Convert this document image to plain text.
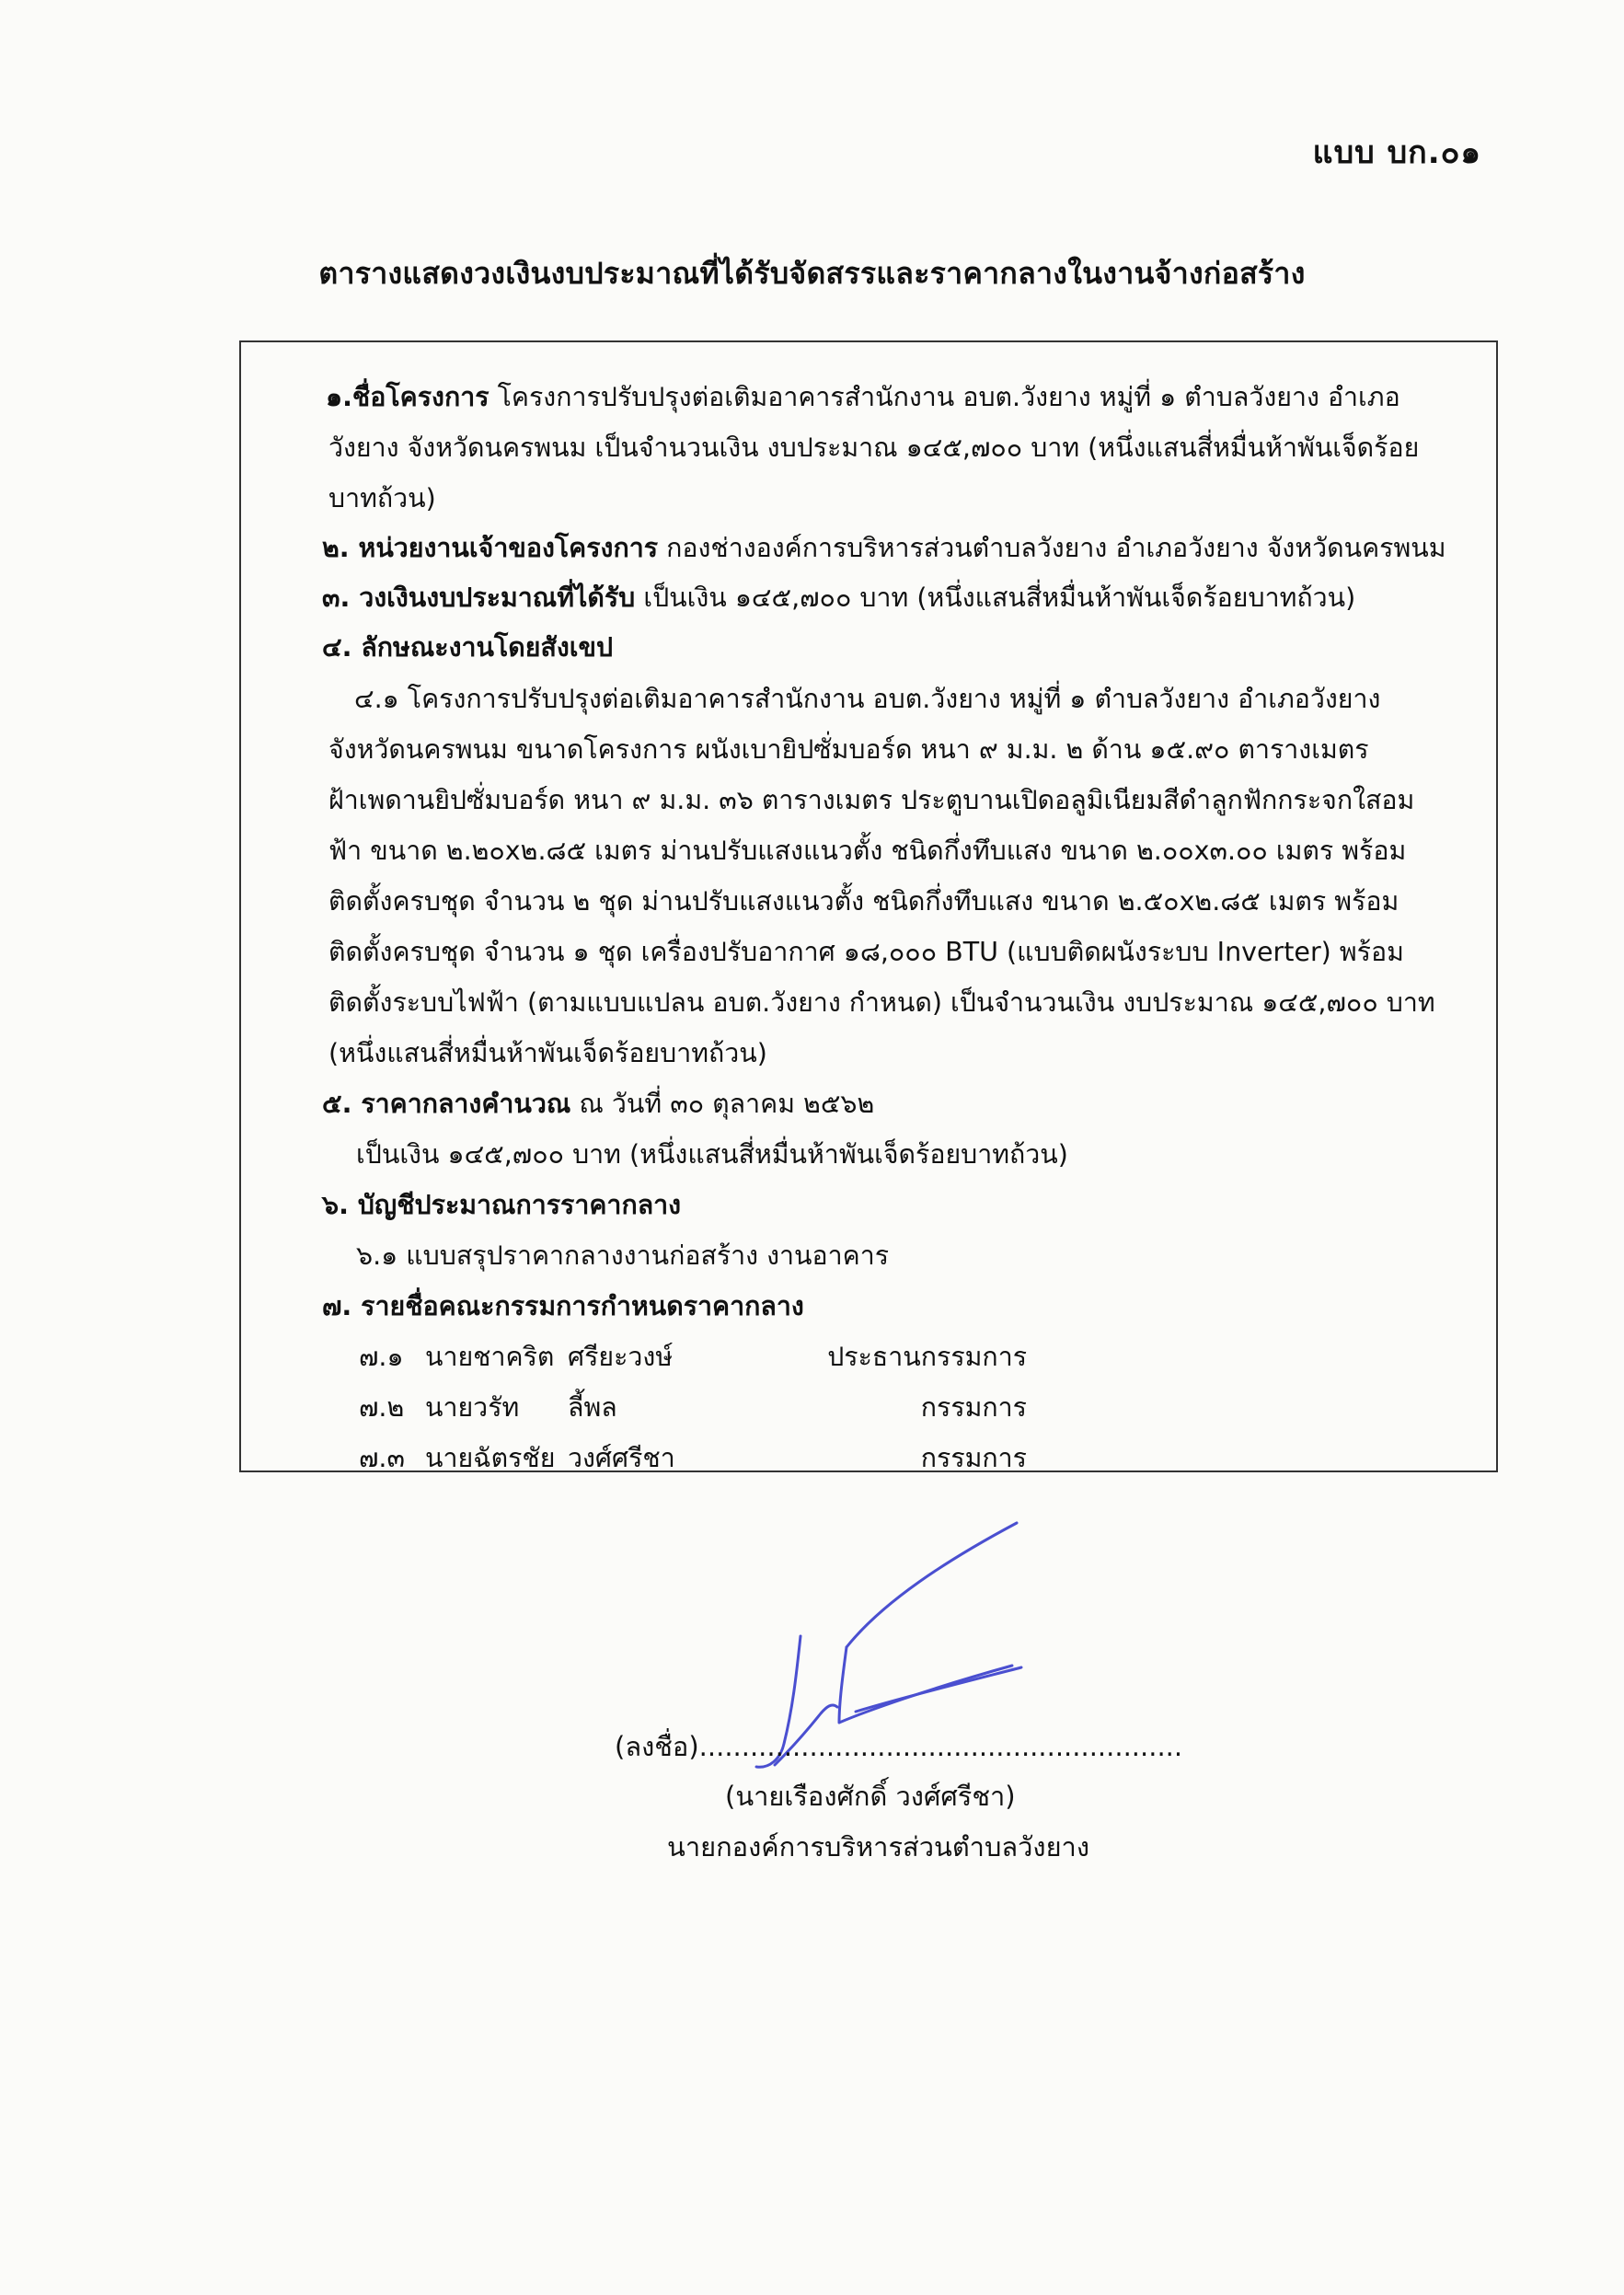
แบบ บก.๐๑
ตารางแสดงวงเงินงบประมาณที่ได้รับจัดสรรและราคากลางในงานจ้างก่อสร้าง
๑.ชื่อโครงการ โครงการปรับปรุงต่อเติมอาคารสำนักงาน อบต.วังยาง หมู่ที่ ๑ ตำบลวังยาง อำเภอ
วังยาง จังหวัดนครพนม เป็นจำนวนเงิน งบประมาณ ๑๔๕,๗๐๐ บาท (หนึ่งแสนสี่หมื่นห้าพันเจ็ดร้อย
บาทถ้วน)
๒. หน่วยงานเจ้าของโครงการ กองช่างองค์การบริหารส่วนตำบลวังยาง อำเภอวังยาง จังหวัดนครพนม
๓. วงเงินงบประมาณที่ได้รับ เป็นเงิน ๑๔๕,๗๐๐ บาท (หนึ่งแสนสี่หมื่นห้าพันเจ็ดร้อยบาทถ้วน)
๔. ลักษณะงานโดยสังเขป
๔.๑ โครงการปรับปรุงต่อเติมอาคารสำนักงาน อบต.วังยาง หมู่ที่ ๑ ตำบลวังยาง อำเภอวังยาง
จังหวัดนครพนม ขนาดโครงการ ผนังเบายิปซั่มบอร์ด หนา ๙ ม.ม. ๒ ด้าน ๑๕.๙๐ ตารางเมตร
ฝ้าเพดานยิปซั่มบอร์ด หนา ๙ ม.ม. ๓๖ ตารางเมตร ประตูบานเปิดอลูมิเนียมสีดำลูกฟักกระจกใสอม
ฟ้า ขนาด ๒.๒๐x๒.๘๕ เมตร ม่านปรับแสงแนวตั้ง ชนิดกึ่งทึบแสง ขนาด ๒.๐๐x๓.๐๐ เมตร พร้อม
ติดตั้งครบชุด จำนวน ๒ ชุด ม่านปรับแสงแนวตั้ง ชนิดกึ่งทึบแสง ขนาด ๒.๕๐x๒.๘๕ เมตร พร้อม
ติดตั้งครบชุด จำนวน ๑ ชุด เครื่องปรับอากาศ ๑๘,๐๐๐ BTU (แบบติดผนังระบบ Inverter) พร้อม
ติดตั้งระบบไฟฟ้า (ตามแบบแปลน อบต.วังยาง กำหนด) เป็นจำนวนเงิน งบประมาณ ๑๔๕,๗๐๐ บาท
(หนึ่งแสนสี่หมื่นห้าพันเจ็ดร้อยบาทถ้วน)
๕. ราคากลางคำนวณ ณ วันที่ ๓๐ ตุลาคม ๒๕๖๒
เป็นเงิน ๑๔๕,๗๐๐ บาท (หนึ่งแสนสี่หมื่นห้าพันเจ็ดร้อยบาทถ้วน)
๖. บัญชีประมาณการราคากลาง
๖.๑ แบบสรุปราคากลางงานก่อสร้าง งานอาคาร
๗. รายชื่อคณะกรรมการกำหนดราคากลาง
๗.๑ นายชาคริต ศรียะวงษ์	ประธานกรรมการ
๗.๒ นายวรัท ลี้พล	กรรมการ
๗.๓ นายฉัตรชัย วงศ์ศรีชา	กรรมการ
(ลงชื่อ).........................................................
(นายเรืองศักดิ์ วงศ์ศรีชา)
นายกองค์การบริหารส่วนตำบลวังยาง
